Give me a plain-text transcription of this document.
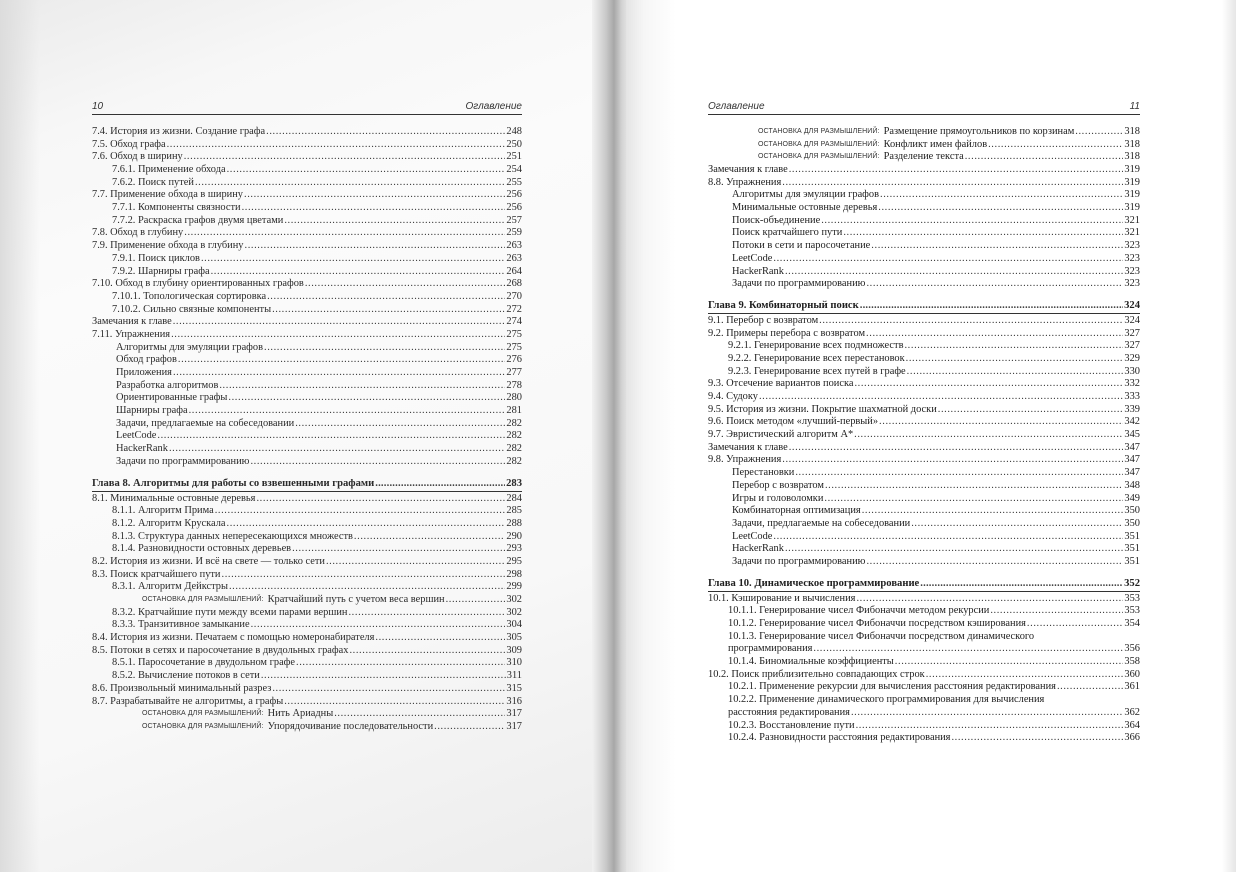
10	Оглавление
7.4. История из жизни. Создание графа .....	248
7.5. Обход графа .....	250
7.6. Обход в ширину .....	251
7.6.1. Применение обхода .....	254
7.6.2. Поиск путей .....	255
7.7. Применение обхода в ширину .....	256
7.7.1. Компоненты связности .....	256
7.7.2. Раскраска графов двумя цветами .....	257
7.8. Обход в глубину .....	259
7.9. Применение обхода в глубину .....	263
7.9.1. Поиск циклов .....	263
7.9.2. Шарниры графа .....	264
7.10. Обход в глубину ориентированных графов .....	268
7.10.1. Топологическая сортировка .....	270
7.10.2. Сильно связные компоненты .....	272
Замечания к главе .....	274
7.11. Упражнения .....	275
Алгоритмы для эмуляции графов .....	275
Обход графов .....	276
Приложения .....	277
Разработка алгоритмов .....	278
Ориентированные графы .....	280
Шарниры графа .....	281
Задачи, предлагаемые на собеседовании .....	282
LeetCode .....	282
HackerRank .....	282
Задачи по программированию .....	282
Глава 8. Алгоритмы для работы со взвешенными графами .....	283
8.1. Минимальные остовные деревья .....	284
8.1.1. Алгоритм Прима .....	285
8.1.2. Алгоритм Крускала .....	288
8.1.3. Структура данных непересекающихся множеств .....	290
8.1.4. Разновидности остовных деревьев .....	293
8.2. История из жизни. И всё на свете — только сети .....	295
8.3. Поиск кратчайшего пути .....	298
8.3.1. Алгоритм Дейкстры .....	299
ОСТАНОВКА ДЛЯ РАЗМЫШЛЕНИЙ: Кратчайший путь с учетом веса вершин .....	302
8.3.2. Кратчайшие пути между всеми парами вершин .....	302
8.3.3. Транзитивное замыкание .....	304
8.4. История из жизни. Печатаем с помощью номеронабирателя .....	305
8.5. Потоки в сетях и паросочетание в двудольных графах .....	309
8.5.1. Паросочетание в двудольном графе .....	310
8.5.2. Вычисление потоков в сети .....	311
8.6. Произвольный минимальный разрез .....	315
8.7. Разрабатывайте не алгоритмы, а графы .....	316
ОСТАНОВКА ДЛЯ РАЗМЫШЛЕНИЙ: Нить Ариадны .....	317
ОСТАНОВКА ДЛЯ РАЗМЫШЛЕНИЙ: Упорядочивание последовательности .....	317
Оглавление	11
ОСТАНОВКА ДЛЯ РАЗМЫШЛЕНИЙ: Размещение прямоугольников по корзинам .....	318
ОСТАНОВКА ДЛЯ РАЗМЫШЛЕНИЙ: Конфликт имен файлов .....	318
ОСТАНОВКА ДЛЯ РАЗМЫШЛЕНИЙ: Разделение текста .....	318
Замечания к главе .....	319
8.8. Упражнения .....	319
Алгоритмы для эмуляции графов .....	319
Минимальные остовные деревья .....	319
Поиск-объединение .....	321
Поиск кратчайшего пути .....	321
Потоки в сети и паросочетание .....	323
LeetCode .....	323
HackerRank .....	323
Задачи по программированию .....	323
Глава 9. Комбинаторный поиск .....	324
9.1. Перебор с возвратом .....	324
9.2. Примеры перебора с возвратом .....	327
9.2.1. Генерирование всех подмножеств .....	327
9.2.2. Генерирование всех перестановок .....	329
9.2.3. Генерирование всех путей в графе .....	330
9.3. Отсечение вариантов поиска .....	332
9.4. Судоку .....	333
9.5. История из жизни. Покрытие шахматной доски .....	339
9.6. Поиск методом «лучший-первый» .....	342
9.7. Эвристический алгоритм A* .....	345
Замечания к главе .....	347
9.8. Упражнения .....	347
Перестановки .....	347
Перебор с возвратом .....	348
Игры и головоломки .....	349
Комбинаторная оптимизация .....	350
Задачи, предлагаемые на собеседовании .....	350
LeetCode .....	351
HackerRank .....	351
Задачи по программированию .....	351
Глава 10. Динамическое программирование .....	352
10.1. Кэширование и вычисления .....	353
10.1.1. Генерирование чисел Фибоначчи методом рекурсии .....	353
10.1.2. Генерирование чисел Фибоначчи посредством кэширования .....	354
10.1.3. Генерирование чисел Фибоначчи посредством динамического
программирования .....	356
10.1.4. Биномиальные коэффициенты .....	358
10.2. Поиск приблизительно совпадающих строк .....	360
10.2.1. Применение рекурсии для вычисления расстояния редактирования .....	361
10.2.2. Применение динамического программирования для вычисления
расстояния редактирования .....	362
10.2.3. Восстановление пути .....	364
10.2.4. Разновидности расстояния редактирования .....	366
